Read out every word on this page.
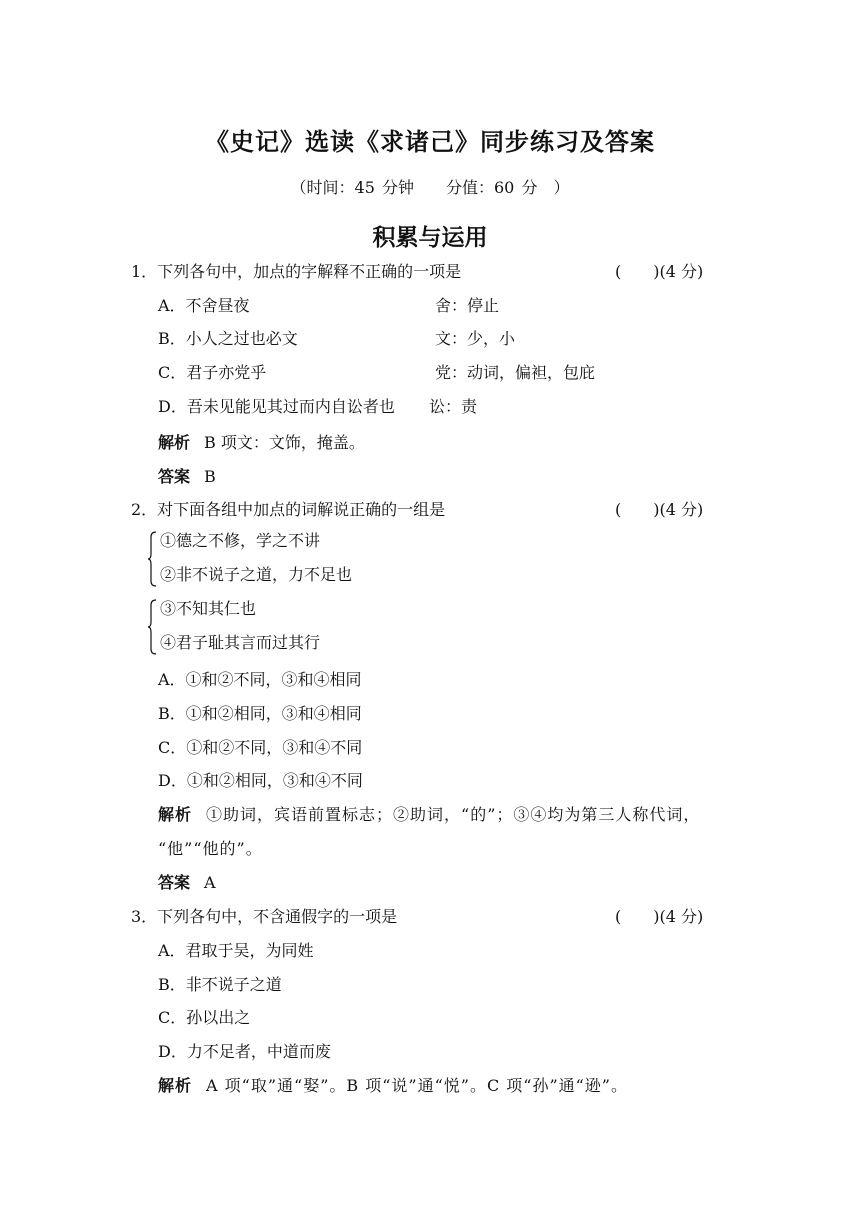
《史记》选读《求诸己》同步练习及答案
（时间：45 分钟　　分值：60 分　）
积累与运用
1．下列各句中，加点的字解释不正确的一项是	(　　)(4 分)
A．不舍昼夜	舍：停止
B．小人之过也必文	文：少，小
C．君子亦党乎	党：动词，偏袒，包庇
D．吾未见能见其过而内自讼者也 讼：责
解析 B 项文：文饰，掩盖。
答案 B
2．对下面各组中加点的词解说正确的一组是	(　　)(4 分)
①德之不修，学之不讲
②非不说子之道，力不足也
③不知其仁也
④君子耻其言而过其行
A．①和②不同，③和④相同
B．①和②相同，③和④相同
C．①和②不同，③和④不同
D．①和②相同，③和④不同
解析 ①助词，宾语前置标志；②助词，“的”；③④均为第三人称代词，
“他”“他的”。
答案 A
3．下列各句中，不含通假字的一项是	(　　)(4 分)
A．君取于吴，为同姓
B．非不说子之道
C．孙以出之
D．力不足者，中道而废
解析 A 项“取”通“娶”。B 项“说”通“悦”。C 项“孙”通“逊”。
